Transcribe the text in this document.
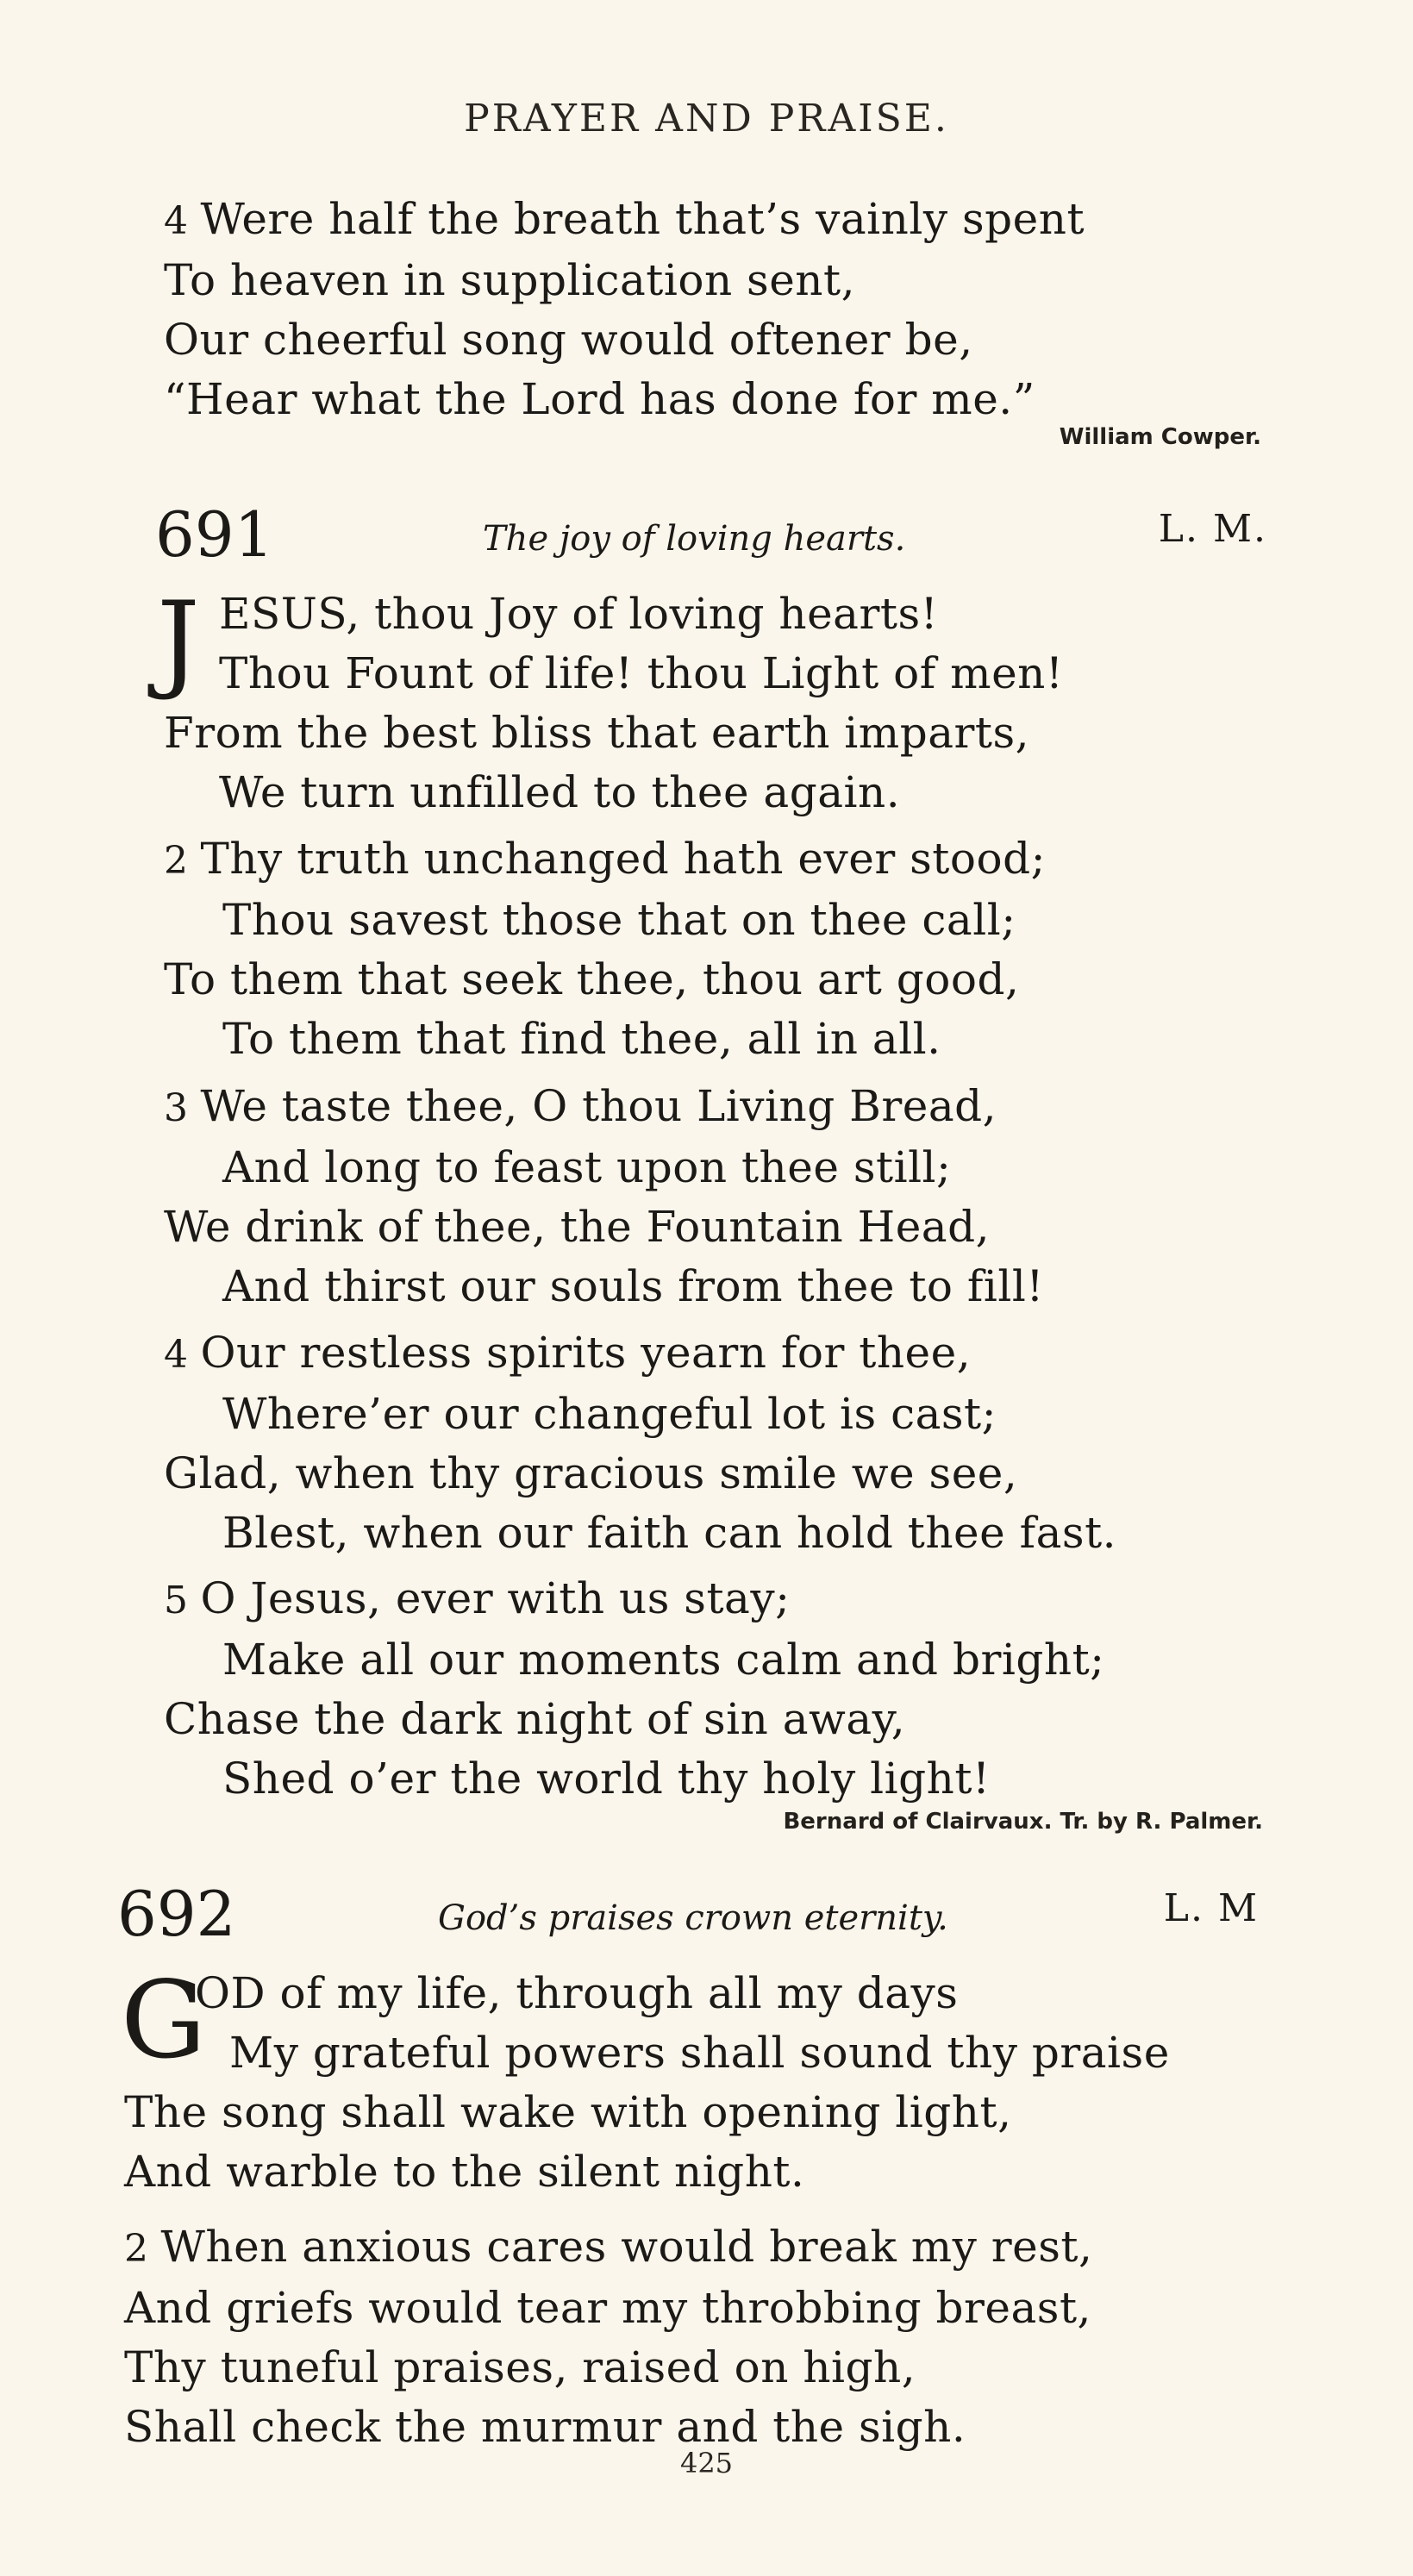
PRAYER AND PRAISE.
4 Were half the breath that’s vainly spent
To heaven in supplication sent,
Our cheerful song would oftener be,
“Hear what the Lord has done for me.”
William Cowper.
691	The joy of loving hearts.	L. M.
J ESUS, thou Joy of loving hearts!
Thou Fount of life! thou Light of men!
From the best bliss that earth imparts,
We turn unfilled to thee again.
2 Thy truth unchanged hath ever stood;
Thou savest those that on thee call;
To them that seek thee, thou art good,
To them that find thee, all in all.
3 We taste thee, O thou Living Bread,
And long to feast upon thee still;
We drink of thee, the Fountain Head,
And thirst our souls from thee to fill!
4 Our restless spirits yearn for thee,
Where’er our changeful lot is cast;
Glad, when thy gracious smile we see,
Blest, when our faith can hold thee fast.
5 O Jesus, ever with us stay;
Make all our moments calm and bright;
Chase the dark night of sin away,
Shed o’er the world thy holy light!
Bernard of Clairvaux. Tr. by R. Palmer.
692	God’s praises crown eternity.	L. M
G
OD of my life, through all my days
My grateful powers shall sound thy praise
The song shall wake with opening light,
And warble to the silent night.
2 When anxious cares would break my rest,
And griefs would tear my throbbing breast,
Thy tuneful praises, raised on high,
Shall check the murmur and the sigh.
425
